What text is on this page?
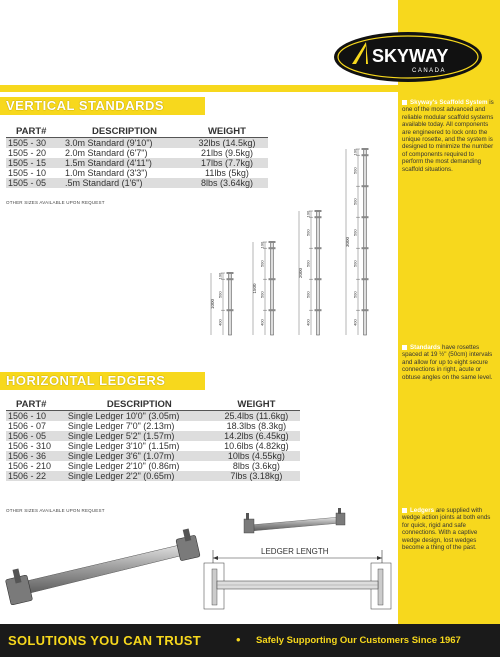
SKYWAY
CANADA
VERTICAL STANDARDS
PART#	DESCRIPTION	WEIGHT
1505 - 30	3.0m Standard (9'10")	32lbs (14.5kg)
1505 - 20	2.0m Standard (6'7")	21lbs (9.5kg)
1505 - 15	1.5m Standard (4'11")	17lbs (7.7kg)
1505 - 10	1.0m Standard (3'3")	11lbs (5kg)
1505 - 05	.5m Standard (1'6")	8lbs (3.64kg)
OTHER SIZES AVAILABLE UPON REQUEST
400
500
100
1000
400
500
500
100
1500
400
500
500
500
100
2000
400
500
500
500
500
500
100
3000
HORIZONTAL LEDGERS
PART#	DESCRIPTION	WEIGHT
1506 - 10	Single Ledger 10'0" (3.05m)	25.4lbs (11.6kg)
1506 - 07	Single Ledger 7'0" (2.13m)	18.3lbs (8.3kg)
1506 - 05	Single Ledger 5'2" (1.57m)	14.2lbs (6.45kg)
1506 - 310	Single Ledger 3'10" (1.15m)	10.6lbs (4.82kg)
1506 - 36	Single Ledger 3'6" (1.07m)	10lbs (4.55kg)
1506 - 210	Single Ledger 2'10" (0.86m)	8lbs (3.6kg)
1506 - 22	Single Ledger 2'2" (0.65m)	7lbs (3.18kg)
OTHER SIZES AVAILABLE UPON REQUEST
LEDGER LENGTH
Skyway's Scaffold System is one of the most advanced and reliable modular scaffold systems available today. All components are engineered to lock onto the unique rosette, and the system is designed to minimize the number of components required to perform the most demanding scaffold situations.
Standards have rosettes spaced at 19 ½" (50cm) intervals and allow for up to eight secure connections in right, acute or obtuse angles on the same level.
Ledgers are supplied with wedge action joints at both ends for quick, rigid and safe connections. With a captive wedge design, lost wedges become a thing of the past.
SOLUTIONS YOU CAN TRUST	• Safely Supporting Our Customers Since 1967
